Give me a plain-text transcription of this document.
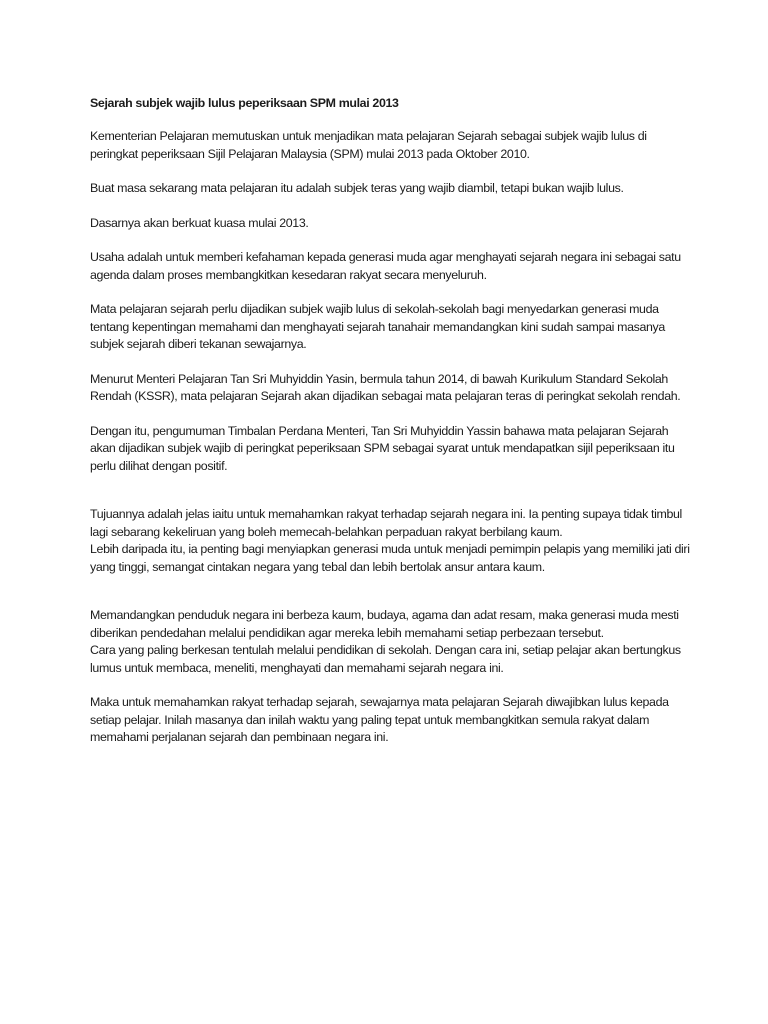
Sejarah subjek wajib lulus peperiksaan SPM mulai 2013
Kementerian Pelajaran memutuskan untuk menjadikan mata pelajaran Sejarah sebagai subjek wajib lulus di
peringkat peperiksaan Sijil Pelajaran Malaysia (SPM) mulai 2013 pada Oktober 2010.
Buat masa sekarang mata pelajaran itu adalah subjek teras yang wajib diambil, tetapi bukan wajib lulus.
Dasarnya akan berkuat kuasa mulai 2013.
Usaha adalah untuk memberi kefahaman kepada generasi muda agar menghayati sejarah negara ini sebagai satu
agenda dalam proses membangkitkan kesedaran rakyat secara menyeluruh.
Mata pelajaran sejarah perlu dijadikan subjek wajib lulus di sekolah-sekolah bagi menyedarkan generasi muda
tentang kepentingan memahami dan menghayati sejarah tanahair memandangkan kini sudah sampai masanya
subjek sejarah diberi tekanan sewajarnya.
Menurut Menteri Pelajaran Tan Sri Muhyiddin Yasin, bermula tahun 2014, di bawah Kurikulum Standard Sekolah
Rendah (KSSR), mata pelajaran Sejarah akan dijadikan sebagai mata pelajaran teras di peringkat sekolah rendah.
Dengan itu, pengumuman Timbalan Perdana Menteri, Tan Sri Muhyiddin Yassin bahawa mata pelajaran Sejarah
akan dijadikan subjek wajib di peringkat peperiksaan SPM sebagai syarat untuk mendapatkan sijil peperiksaan itu
perlu dilihat dengan positif.
Tujuannya adalah jelas iaitu untuk memahamkan rakyat terhadap sejarah negara ini. Ia penting supaya tidak timbul
lagi sebarang kekeliruan yang boleh memecah-belahkan perpaduan rakyat berbilang kaum.
Lebih daripada itu, ia penting bagi menyiapkan generasi muda untuk menjadi pemimpin pelapis yang memiliki jati diri
yang tinggi, semangat cintakan negara yang tebal dan lebih bertolak ansur antara kaum.
Memandangkan penduduk negara ini berbeza kaum, budaya, agama dan adat resam, maka generasi muda mesti
diberikan pendedahan melalui pendidikan agar mereka lebih memahami setiap perbezaan tersebut.
Cara yang paling berkesan tentulah melalui pendidikan di sekolah. Dengan cara ini, setiap pelajar akan bertungkus
lumus untuk membaca, meneliti, menghayati dan memahami sejarah negara ini.
Maka untuk memahamkan rakyat terhadap sejarah, sewajarnya mata pelajaran Sejarah diwajibkan lulus kepada
setiap pelajar. Inilah masanya dan inilah waktu yang paling tepat untuk membangkitkan semula rakyat dalam
memahami perjalanan sejarah dan pembinaan negara ini.
